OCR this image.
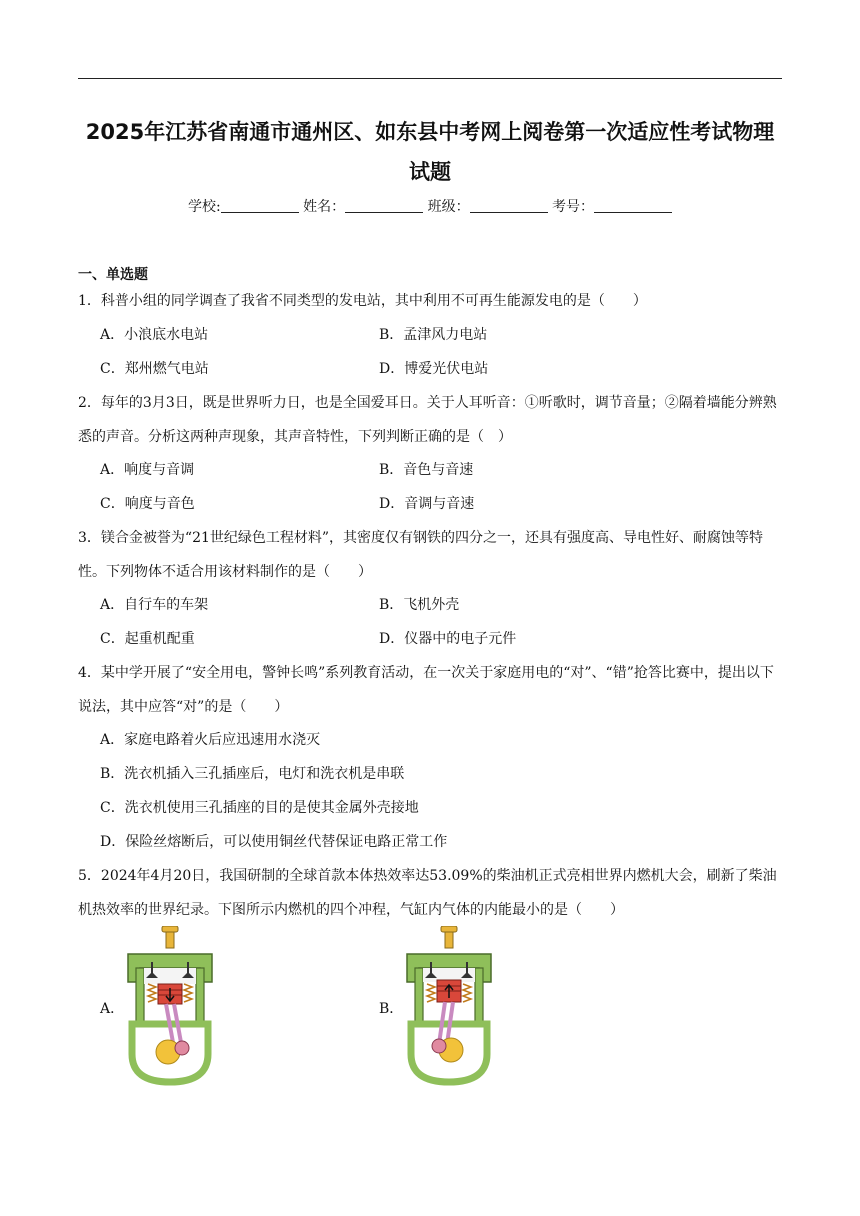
2025年江苏省南通市通州区、如东县中考网上阅卷第一次适应性考试物理试题
学校:	姓名：	班级：	考号：
一、单选题
1．科普小组的同学调查了我省不同类型的发电站，其中利用不可再生能源发电的是（　　）
A．小浪底水电站	B．孟津风力电站
C．郑州燃气电站	D．博爱光伏电站
2．每年的3月3日，既是世界听力日，也是全国爱耳日。关于人耳听音：①听歌时，调节音量；②隔着墙能分辨熟悉的声音。分析这两种声现象，其声音特性，下列判断正确的是（　）
A．响度与音调	B．音色与音速
C．响度与音色	D．音调与音速
3．镁合金被誉为“21世纪绿色工程材料”，其密度仅有钢铁的四分之一，还具有强度高、导电性好、耐腐蚀等特性。下列物体不适合用该材料制作的是（　　）
A．自行车的车架	B．飞机外壳
C．起重机配重	D．仪器中的电子元件
4．某中学开展了“安全用电，警钟长鸣”系列教育活动，在一次关于家庭用电的“对”、“错”抢答比赛中，提出以下说法，其中应答“对”的是（　　）
A．家庭电路着火后应迅速用水浇灭
B．洗衣机插入三孔插座后，电灯和洗衣机是串联
C．洗衣机使用三孔插座的目的是使其金属外壳接地
D．保险丝熔断后，可以使用铜丝代替保证电路正常工作
5．2024年4月20日，我国研制的全球首款本体热效率达53.09%的柴油机正式亮相世界内燃机大会，刷新了柴油机热效率的世界纪录。下图所示内燃机的四个冲程，气缸内气体的内能最小的是（　　）
A．	B．
